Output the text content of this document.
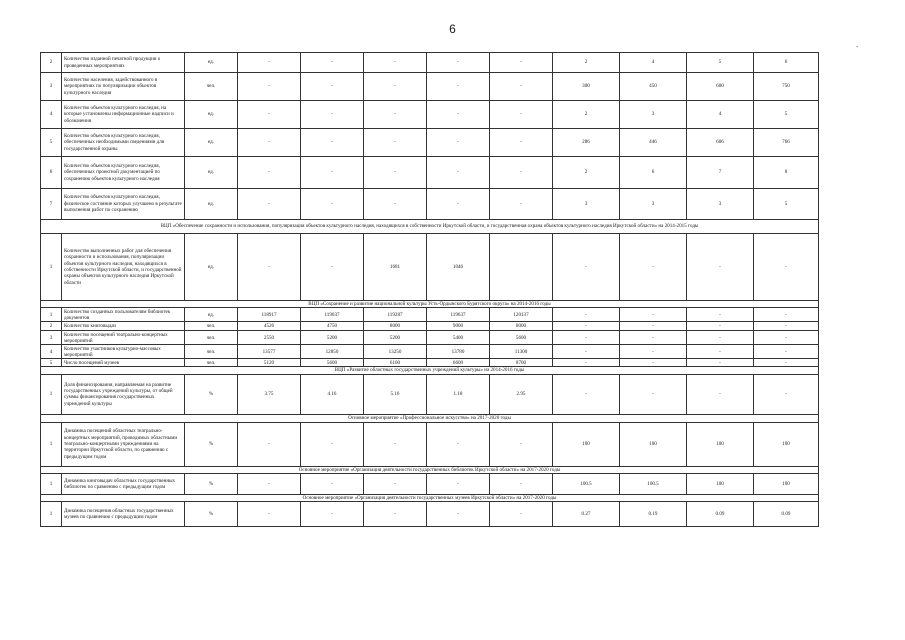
6
-
2	Количество изданной печатной продукции о проведенных мероприятиях	ед.	-	-	-	-	-	2	4	5	6
3	Количество населения, задействованного в мероприятиях по популяризации объектов культурного наследия	чел.	-	-	-	-	-	300	450	600	750
4	Количество объектов культурного наследия, на которые установлены информационные надписи и обозначения	ед.	-	-	-	-	-	2	3	4	5
5	Количество объектов культурного наследия, обеспеченных необходимыми сведениями для государственной охраны	ед.	-	-	-	-	-	286	446	606	766
6	Количество объектов культурного наследия, обеспеченных проектной документацией по сохранению объектов культурного наследия	ед.	-	-	-	-	-	2	6	7	8
7	Количество объектов культурного наследия, физическое состояние которых улучшено в результате выполнения работ по сохранению	ед.	-	-	-	-	-	3	3	3	5
ВЦП «Обеспечение сохранности и использования, популяризация объектов культурного наследия, находящихся в собственности Иркутской области, и государственная охрана объектов культурного наследия Иркутской области» на 2014-2015 годы											
1	Количество выполненных работ для обеспечения сохранности и использования, популяризации объектов культурного наследия, находящихся в собственности Иркутской области, и государственной охраны объектов культурного наследия Иркутской области	ед.	-	-	1681	1046		-	-	-	-
ВЦП «Сохранение и развитие национальной культуры Усть-Ордынского Бурятского округа» на 2014-2016 годы											
1	Количество созданных пользователям библиотек документов	ед.	118917	119037	119287	119637	120137	-	-	-	-
2	Количество книговыдач	чел.	4526	4750	8000	9000	8000	-	-	-	-
3	Количество посещений театрально-концертных мероприятий	чел.	2550	5200	5200	5400	5600	-	-	-	-
4	Количество участников культурно-массовых мероприятий	чел.	13577	12850	13250	13780	11300	-	-	-	-
5	Число посещений музеев	чел.	5120	5600	6100	6600	8700	-	-	-	-
ВЦП «Развитие областных государственных учреждений культуры» на 2014-2016 годы											
1	Доля финансирования, направляемая на развитие государственных учреждений культуры, от общей суммы финансирования государственных учреждений культуры	%	3.75	4.16	5.16	1.18	2.95	-	-	-	-
Основное мероприятие «Профессиональное искусство» на 2017-2020 годы											
1	Динамика посещений областных театрально-концертных мероприятий, проводимых областными театрально-концертными учреждениями на территории Иркутской области, по сравнению с предыдущим годом	%	-	-	-	-	-	100	100	100	100
Основное мероприятие «Организация деятельности государственных библиотек Иркутской области» на 2017-2020 годы											
1	Динамика книговыдач областных государственных библиотек по сравнению с предыдущим годом	%	-	-	-	-	-	100.5	100.5	100	100
Основное мероприятие «Организация деятельности государственных музеев Иркутской области» на 2017-2020 годы											
1	Динамика посещения областных государственных музеев по сравнению с предыдущим годом	%	-	-	-	-	-	0.27	0.19	0.09	0.09
